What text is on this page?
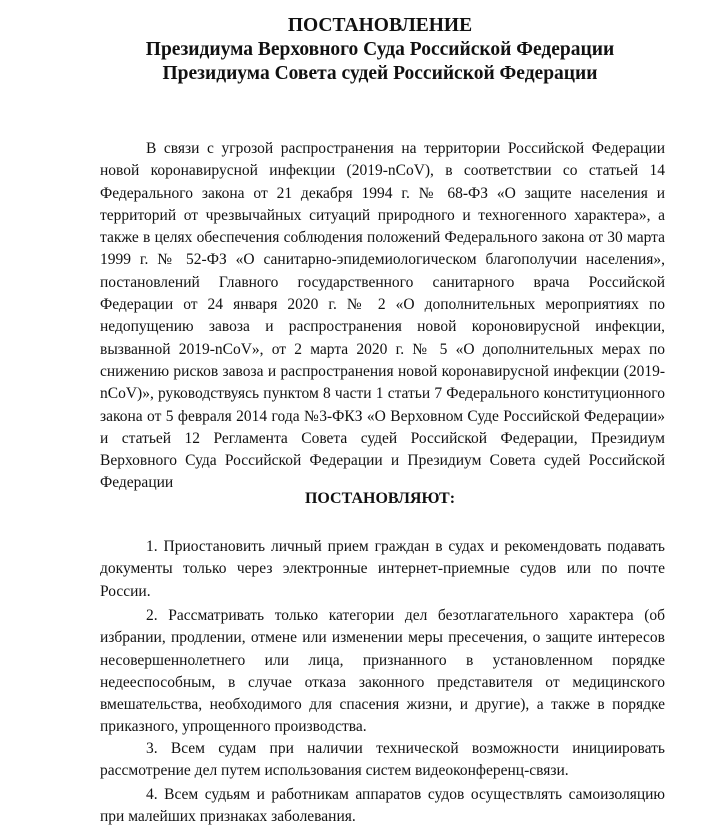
ПОСТАНОВЛЕНИЕ
Президиума Верховного Суда Российской Федерации
Президиума Совета судей Российской Федерации

В связи с угрозой распространения на территории Российской Федерации новой коронавирусной инфекции (2019-nCoV), в соответствии со статьей 14 Федерального закона от 21 декабря 1994 г. № 68-ФЗ «О защите населения и территорий от чрезвычайных ситуаций природного и техногенного характера», а также в целях обеспечения соблюдения положений Федерального закона от 30 марта 1999 г. № 52-ФЗ «О санитарно-эпидемиологическом благополучии населения», постановлений Главного государственного санитарного врача Российской Федерации от 24 января 2020 г. № 2 «О дополнительных мероприятиях по недопущению завоза и распространения новой короновирусной инфекции, вызванной 2019-nCoV», от 2 марта 2020 г. № 5 «О дополнительных мерах по снижению рисков завоза и распространения новой коронавирусной инфекции (2019-nCoV)», руководствуясь пунктом 8 части 1 статьи 7 Федерального конституционного закона от 5 февраля 2014 года №3-ФКЗ «О Верховном Суде Российской Федерации» и статьей 12 Регламента Совета судей Российской Федерации, Президиум Верховного Суда Российской Федерации и Президиум Совета судей Российской Федерации

ПОСТАНОВЛЯЮТ:

1. Приостановить личный прием граждан в судах и рекомендовать подавать документы только через электронные интернет-приемные судов или по почте России.

2. Рассматривать только категории дел безотлагательного характера (об избрании, продлении, отмене или изменении меры пресечения, о защите интересов несовершеннолетнего или лица, признанного в установленном порядке недееспособным, в случае отказа законного представителя от медицинского вмешательства, необходимого для спасения жизни, и другие), а также в порядке приказного, упрощенного производства.

3. Всем судам при наличии технической возможности инициировать рассмотрение дел путем использования систем видеоконференц-связи.

4. Всем судьям и работникам аппаратов судов осуществлять самоизоляцию при малейших признаках заболевания.
